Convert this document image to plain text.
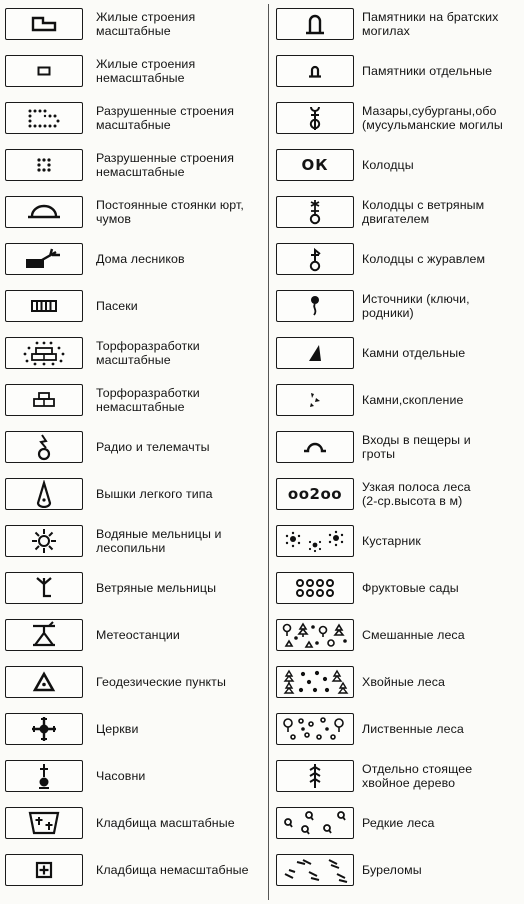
Жилые строения
масштабные
Жилые строения
немасштабные
Разрушенные строения
масштабные
Разрушенные строения
немасштабные
Постоянные стоянки юрт,
чумов
Дома лесников
Пасеки
Торфоразработки
масштабные
Торфоразработки
немасштабные
Радио и телемачты
Вышки легкого типа
Водяные мельницы и
лесопильни
Ветряные мельницы
Метеостанции
Геодезические пункты
Церкви
Часовни
Кладбища масштабные
Кладбища немасштабные
Памятники на братских
могилах
Памятники отдельные
Мазары,субурганы,обо
(мусульманские могилы
ОК	Колодцы
Колодцы с ветряным
двигателем
Колодцы с журавлем
Источники (ключи,
родники)
Камни отдельные
Камни,скопление
Входы в пещеры и
гроты
оо2оо Узкая полоса леса
(2-ср.высота в м)
Кустарник
Фруктовые сады
Смешанные леса
Хвойные леса
Лиственные леса
Отдельно стоящее
хвойное дерево
Редкие леса
Буреломы
